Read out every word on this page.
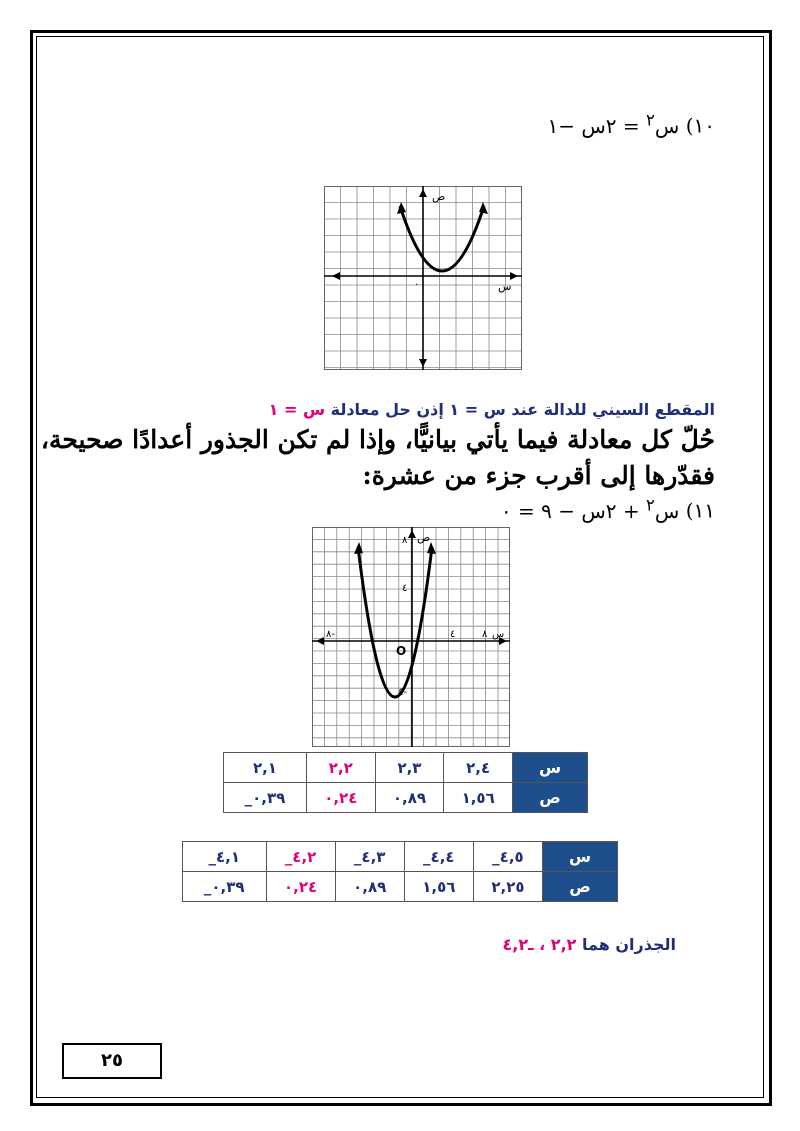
١٠) س$^٢$ = ٢س −١
ص
س
٠
المقطع السيني للدالة عند س = ١ إذن حل معادلة س = ١
حُلّ كل معادلة فيما يأتي بيانيًّا، وإذا لم تكن الجذور أعدادًا صحيحة،
فقدّرها إلى أقرب جزء من عشرة:
١١) س$^٢$ + ٢س − ٩ = ٠
ص
٨
٤
٤-
٨-	٤	٨ س
O
س	٢,٤	٢,٣	٢,٢	٢,١
ص	١,٥٦	٠,٨٩	٠,٢٤	٠,٣٩_
س	٤,٥_	٤,٤_	٤,٣_	٤,٢_	٤,١_
ص	٢,٢٥	١,٥٦	٠,٨٩	٠,٢٤	٠,٣٩_
الجذران هما ٢,٢ ، ـ٤,٢
٢٥
